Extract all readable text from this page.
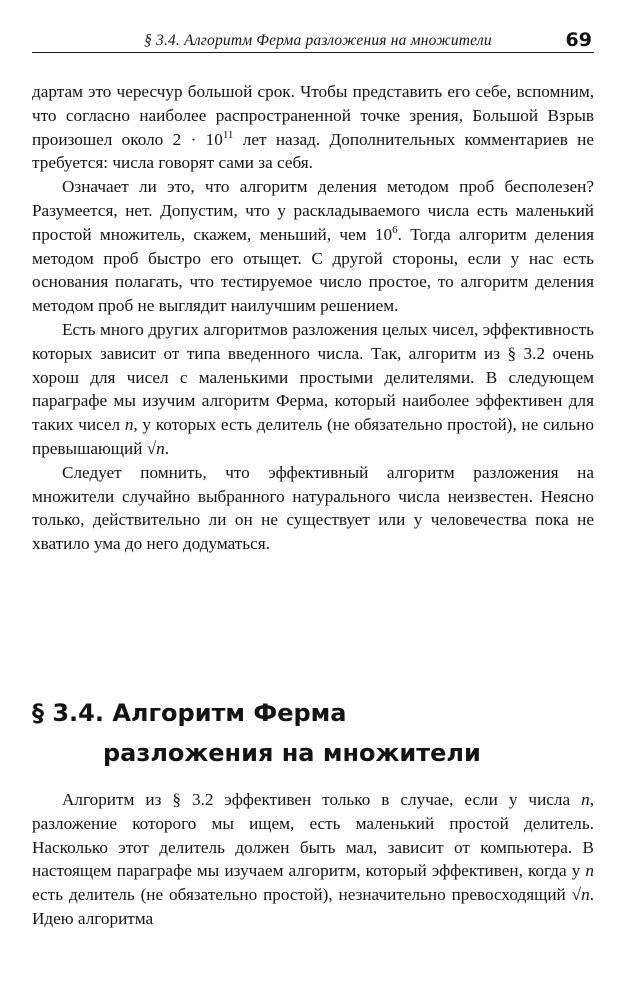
§ 3.4. Алгоритм Ферма разложения на множители	69

дартам это чересчур большой срок. Чтобы представить его себе, вспомним, что согласно наиболее распространенной точке зрения, Большой Взрыв произошел около $2 \cdot 10^{11}$ лет назад. Дополнительных комментариев не требуется: числа говорят сами за себя.

Означает ли это, что алгоритм деления методом проб бесполезен? Разумеется, нет. Допустим, что у раскладываемого числа есть маленький простой множитель, скажем, меньший, чем $10^6$. Тогда алгоритм деления методом проб быстро его отыщет. С другой стороны, если у нас есть основания полагать, что тестируемое число простое, то алгоритм деления методом проб не выглядит наилучшим решением.

Есть много других алгоритмов разложения целых чисел, эффективность которых зависит от типа введенного числа. Так, алгоритм из § 3.2 очень хорош для чисел с маленькими простыми делителями. В следующем параграфе мы изучим алгоритм Ферма, который наиболее эффективен для таких чисел n, у которых есть делитель (не обязательно простой), не сильно превышающий √n.

Следует помнить, что эффективный алгоритм разложения на множители случайно выбранного натурального числа неизвестен. Неясно только, действительно ли он не существует или у человечества пока не хватило ума до него додуматься.

§ 3.4. Алгоритм Ферма
разложения на множители

Алгоритм из § 3.2 эффективен только в случае, если у числа n, разложение которого мы ищем, есть маленький простой делитель. Насколько этот делитель должен быть мал, зависит от компьютера. В настоящем параграфе мы изучаем алгоритм, который эффективен, когда у n есть делитель (не обязательно простой), незначительно превосходящий √n. Идею алгоритма
